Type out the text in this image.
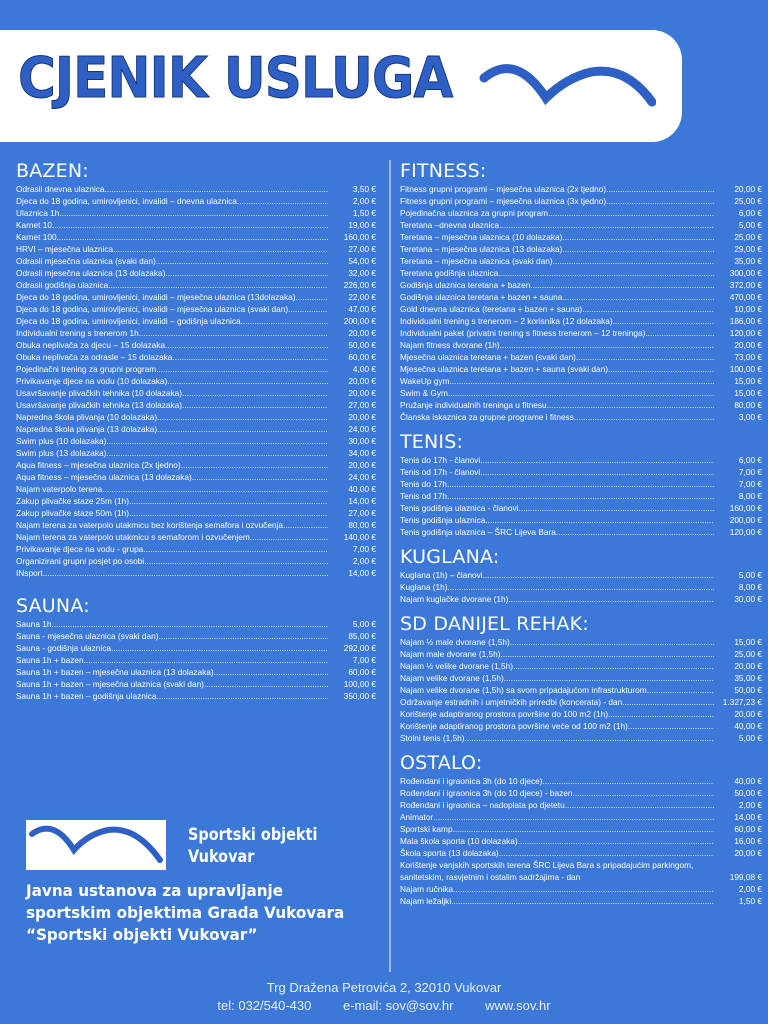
CJENIK USLUGA
BAZEN:
Odrasli dnevna ulaznica .....	3,50 €
Djeca do 18 godina, umirovljenici, invalidi – dnevna ulaznica .....	2,00 €
Ulaznica 1h .....	1,50 €
Karnet 10 .....	19,00 €
Karnet 100 .....	160,00 €
HRVI – mjesečna ulaznica .....	27,00 €
Odrasli mjesečna ulaznica (svaki dan) .....	54,00 €
Odrasli mjesečna ulaznica (13 dolazaka) .....	32,00 €
Odrasli godišnja ulaznica .....	226,00 €
Djeca do 18 godina, umirovljenici, invalidi – mjesečna ulaznica (13dolazaka) .....	22,00 €
Djeca do 18 godina, umirovljenici, invalidi – mjesečna ulaznica (svaki dan) .....	47,00 €
Djeca do 18 godina, umirovljenici, invalidi – godišnja ulaznica .....	200,00 €
Individualni trening s trenerom 1h .....	20,00 €
Obuka neplivača za djecu – 15 dolazaka .....	50,00 €
Obuka neplivača za odrasle – 15 dolazaka .....	60,00 €
Pojedinačni trening za grupni program .....	4,00 €
Privikavanje djece na vodu (10 dolazaka) .....	20,00 €
Usavršavanje plivačkih tehnika (10 dolazaka) .....	20,00 €
Usavršavanje plivačkih tehnika (13 dolazaka) .....	27,00 €
Napredna škola plivanja (10 dolazaka) .....	20,00 €
Napredna škola plivanja (13 dolazaka) .....	24,00 €
Swim plus (10 dolazaka) .....	30,00 €
Swim plus (13 dolazaka) .....	34,00 €
Aqua fitness – mjesečna ulaznica (2x tjedno) .....	20,00 €
Aqua fitness – mjesečna ulaznica (13 dolazaka) .....	24,00 €
Najam vaterpolo terena .....	40,00 €
Zakup plivačke staze 25m (1h) .....	14,00 €
Zakup plivačke staze 50m (1h) .....	27,00 €
Najam terena za vaterpolo utakmicu bez korištenja semafora i ozvučenja .....	80,00 €
Najam terena za vaterpolo utakmicu s semaforom i ozvučenjem .....	140,00 €
Privikavanje djece na vodu - grupa .....	7,00 €
Organizirani grupni posjet po osobi .....	2,00 €
INsport .....	14,00 €
SAUNA:
Sauna 1h .....	5,00 €
Sauna - mjesečna ulaznica (svaki dan) .....	85,00 €
Sauna - godišnja ulaznica .....	292,00 €
Sauna 1h + bazen .....	7,00 €
Sauna 1h + bazen – mjesečna ulaznica (13 dolazaka) .....	60,00 €
Sauna 1h + bazen – mjesečna ulaznica (svaki dan) .....	100,00 €
Sauna 1h + bazen – godišnja ulaznica .....	350,00 €
FITNESS:
Fitness grupni programi – mjesečna ulaznica (2x tjedno) .....	20,00 €
Fitness grupni programi – mjesečna ulaznica (3x tjedno) .....	25,00 €
Pojedinačna ulaznica za grupni program .....	6,00 €
Teretana –dnevna ulaznica .....	5,00 €
Teretana – mjesečna ulaznica (10 dolazaka) .....	25,00 €
Teretana – mjesečna ulaznica (13 dolazaka) .....	29,00 €
Teretana – mjesečna ulaznica (svaki dan) .....	35,00 €
Teretana godišnja ulaznica .....	300,00 €
Godišnja ulaznica teretana + bazen .....	372,00 €
Godišnja ulaznica teretana + bazen + sauna .....	470,00 €
Gold dnevna ulaznica (teretana + bazen + sauna) .....	10,00 €
Individualni trening s trenerom – 2 korisnika (12 dolazaka) .....	186,00 €
Individualni paket (privatni trening s fitness trenerom – 12 treninga) .....	120,00 €
Najam fitness dvorane (1h) .....	20,00 €
Mjesečna ulaznica teretana + bazen (svaki dan) .....	73,00 €
Mjesečna ulaznica teretana + bazen + sauna (svaki dan) .....	100,00 €
WakeUp gym .....	15,00 €
Swim & Gym .....	15,00 €
Pružanje individualnih treninga u fitnesu .....	80,00 €
Članska iskaznica za grupne programe i fitness .....	3,00 €
TENIS:
Tenis do 17h - članovi .....	6,00 €
Tenis od 17h - članovi .....	7,00 €
Tenis do 17h .....	7,00 €
Tenis od 17h .....	8,00 €
Tenis godišnja ulaznica - članovi .....	160,00 €
Tenis godišnja ulaznica .....	200,00 €
Tenis godišnja ulaznica – ŠRC Lijeva Bara .....	120,00 €
KUGLANA:
Kuglana (1h) – članovi .....	5,00 €
Kuglana (1h) .....	8,00 €
Najam kuglačke dvorane (1h) .....	30,00 €
SD DANIJEL REHAK:
Najam ½ male dvorane (1,5h) .....	15,00 €
Najam male dvorane (1,5h) .....	25,00 €
Najam ½ velike dvorane (1,5h) .....	20,00 €
Najam velike dvorane (1,5h) .....	35,00 €
Najam velike dvorane (1,5h) sa svom pripadajućom infrastrukturom .....	50,00 €
Održavanje estradnih i umjetničkih priredbi (koncerata) - dan .....	1.327,23 €
Korištenje adaptiranog prostora površine do 100 m2 (1h) .....	20,00 €
Korištenje adaptiranog prostora površine veće od 100 m2 (1h) .....	40,00 €
Stolni tenis (1,5h) .....	5,00 €
OSTALO:
Rođendani i igraonica 3h (do 10 djece) .....	40,00 €
Rođendani i igraonica 3h (do 10 djece) - bazen .....	50,00 €
Rođendani i igraonica – nadoplata po djetetu .....	2,00 €
Animator .....	14,00 €
Sportski kamp .....	60,00 €
Mala škola sporta (10 dolazaka) .....	16,00 €
Škola sporta (13 dolazaka) .....	20,00 €
Korištenje vanjskih sportskih terena ŠRC Lijeva Bara s pripadajućim parkingom, sanitetskim, rasvjetnim i ostalim sadržajima - dan	199,08 €
Najam ručnika .....	2,00 €
Najam ležaljki .....	1,50 €
Sportski objekti
Vukovar
Javna ustanova za upravljanje sportskim objektima Grada Vukovara “Sportski objekti Vukovar”
Trg Dražena Petrovića 2, 32010 Vukovar
tel: 032/540-430 e-mail: sov@sov.hr www.sov.hr
